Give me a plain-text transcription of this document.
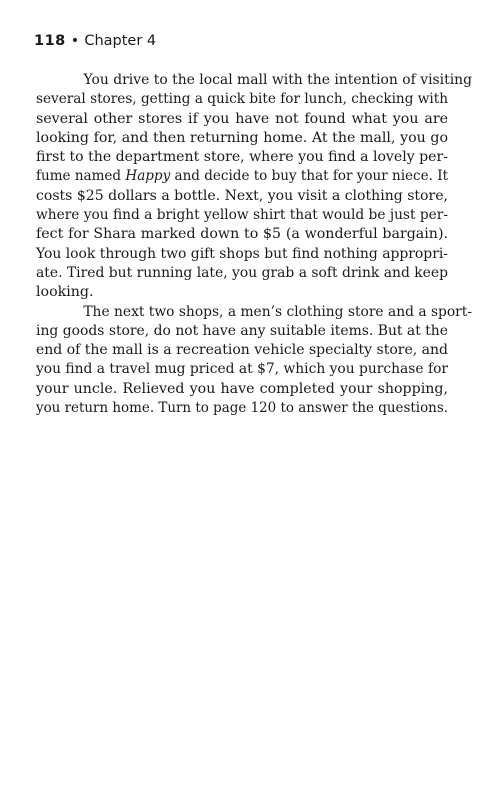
118 • Chapter 4
You drive to the local mall with the intention of visiting
several stores, getting a quick bite for lunch, checking with
several other stores if you have not found what you are
looking for, and then returning home. At the mall, you go
first to the department store, where you find a lovely per-
fume named Happy and decide to buy that for your niece. It
costs $25 dollars a bottle. Next, you visit a clothing store,
where you find a bright yellow shirt that would be just per-
fect for Shara marked down to $5 (a wonderful bargain).
You look through two gift shops but find nothing appropri-
ate. Tired but running late, you grab a soft drink and keep
looking.
The next two shops, a men’s clothing store and a sport-
ing goods store, do not have any suitable items. But at the
end of the mall is a recreation vehicle specialty store, and
you find a travel mug priced at $7, which you purchase for
your uncle. Relieved you have completed your shopping,
you return home. Turn to page 120 to answer the questions.
